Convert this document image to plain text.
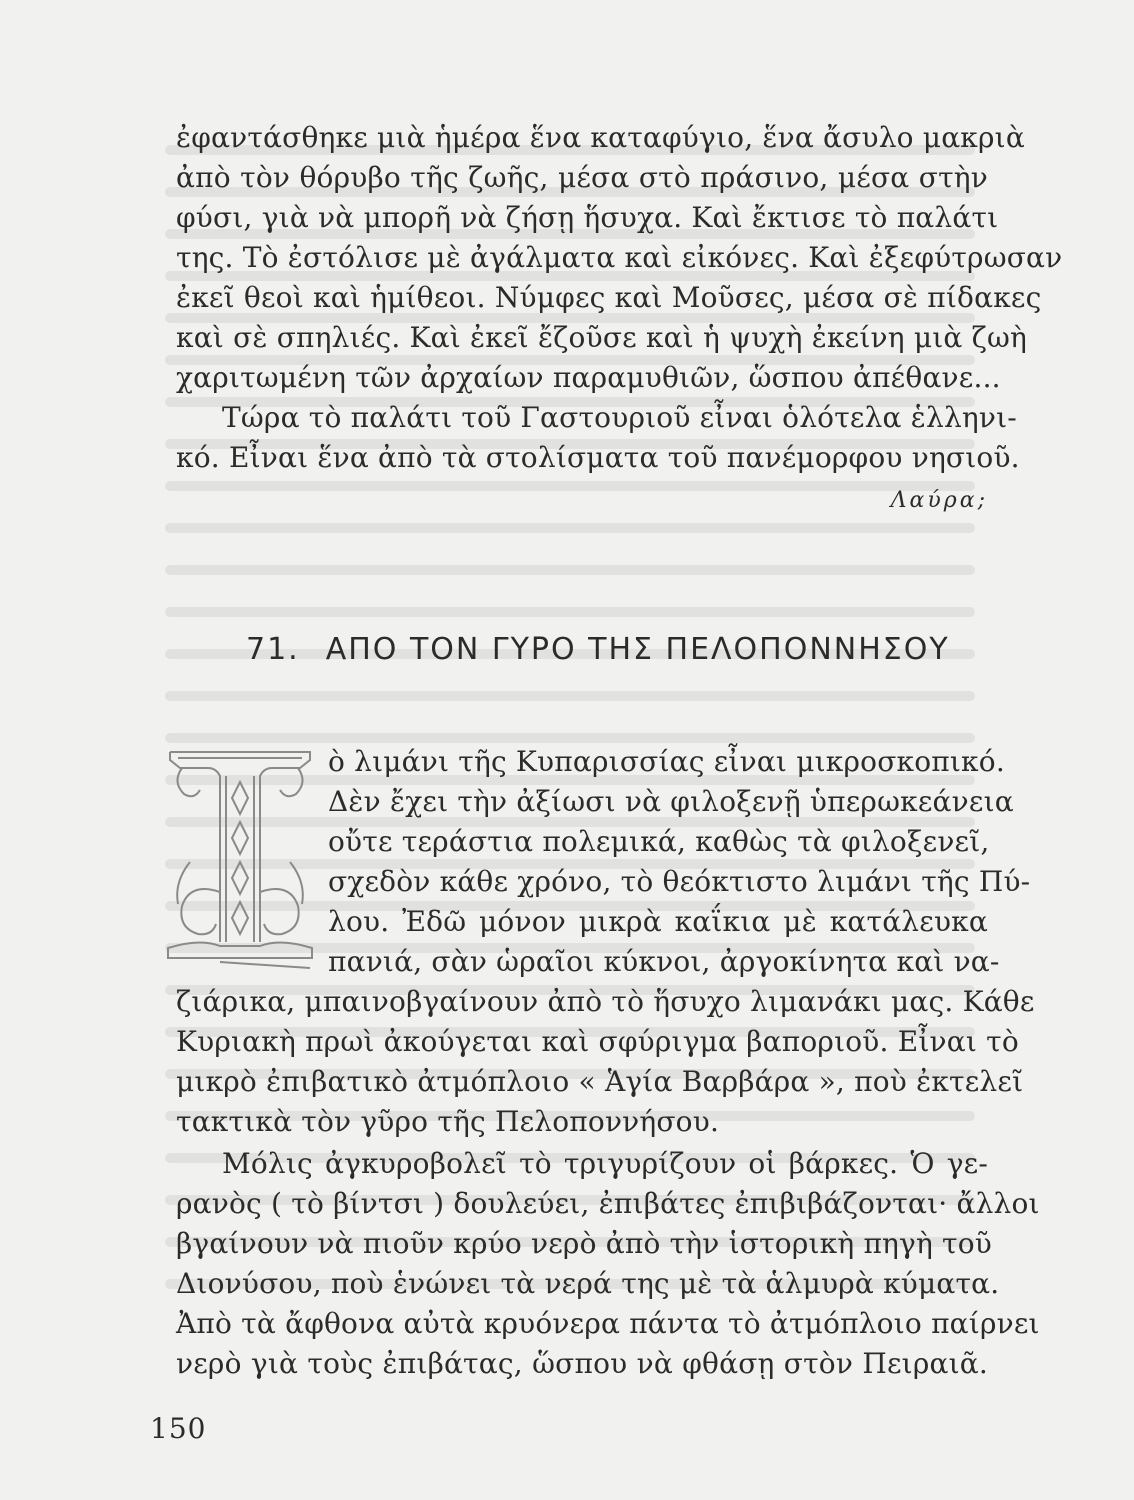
ἐφαντάσθηκε μιὰ ἡμέρα ἕνα καταφύγιο, ἕνα ἄσυλο μακριὰ
ἀπὸ τὸν θόρυβο τῆς ζωῆς, μέσα στὸ πράσινο, μέσα στὴν
φύσι, γιὰ νὰ μπορῆ νὰ ζήσῃ ἥσυχα. Καὶ ἔκτισε τὸ παλάτι
της. Τὸ ἐστόλισε μὲ ἀγάλματα καὶ εἰκόνες. Καὶ ἐξεφύτρωσαν
ἐκεῖ θεοὶ καὶ ἡμίθεοι. Νύμφες καὶ Μοῦσες, μέσα σὲ πίδακες
καὶ σὲ σπηλιές. Καὶ ἐκεῖ ἔζοῦσε καὶ ἡ ψυχὴ ἐκείνη μιὰ ζωὴ
χαριτωμένη τῶν ἀρχαίων παραμυθιῶν, ὥσπου ἀπέθανε...
Τώρα τὸ παλάτι τοῦ Γαστουριοῦ εἶναι ὁλότελα ἑλληνι-
κό. Εἶναι ἕνα ἀπὸ τὰ στολίσματα τοῦ πανέμορφου νησιοῦ.
Λαύρα;
71. ΑΠΟ ΤΟΝ ΓΥΡΟ ΤΗΣ ΠΕΛΟΠΟΝΝΗΣΟΥ
ὸ λιμάνι τῆς Κυπαρισσίας εἶναι μικροσκοπικό.
Δὲν ἔχει τὴν ἀξίωσι νὰ φιλοξενῇ ὑπερωκεάνεια
οὔτε τεράστια πολεμικά, καθὼς τὰ φιλοξενεῖ,
σχεδὸν κάθε χρόνο, τὸ θεόκτιστο λιμάνι τῆς Πύ-
λου. Ἐδῶ μόνον μικρὰ καΐκια μὲ κατάλευκα
πανιά, σὰν ὡραῖοι κύκνοι, ἀργοκίνητα καὶ να-
ζιάρικα, μπαινοβγαίνουν ἀπὸ τὸ ἥσυχο λιμανάκι μας. Κάθε
Κυριακὴ πρωὶ ἀκούγεται καὶ σφύριγμα βαποριοῦ. Εἶναι τὸ
μικρὸ ἐπιβατικὸ ἀτμόπλοιο « Ἁγία Βαρβάρα », ποὺ ἐκτελεῖ
τακτικὰ τὸν γῦρο τῆς Πελοποννήσου.
Μόλις ἀγκυροβολεῖ τὸ τριγυρίζουν οἱ βάρκες. Ὁ γε-
ρανὸς ( τὸ βίντσι ) δουλεύει, ἐπιβάτες ἐπιβιβάζονται· ἄλλοι
βγαίνουν νὰ πιοῦν κρύο νερὸ ἀπὸ τὴν ἱστορικὴ πηγὴ τοῦ
Διονύσου, ποὺ ἑνώνει τὰ νερά της μὲ τὰ ἁλμυρὰ κύματα.
Ἀπὸ τὰ ἄφθονα αὐτὰ κρυόνερα πάντα τὸ ἀτμόπλοιο παίρνει
νερὸ γιὰ τοὺς ἐπιβάτας, ὥσπου νὰ φθάσῃ στὸν Πειραιᾶ.
150
